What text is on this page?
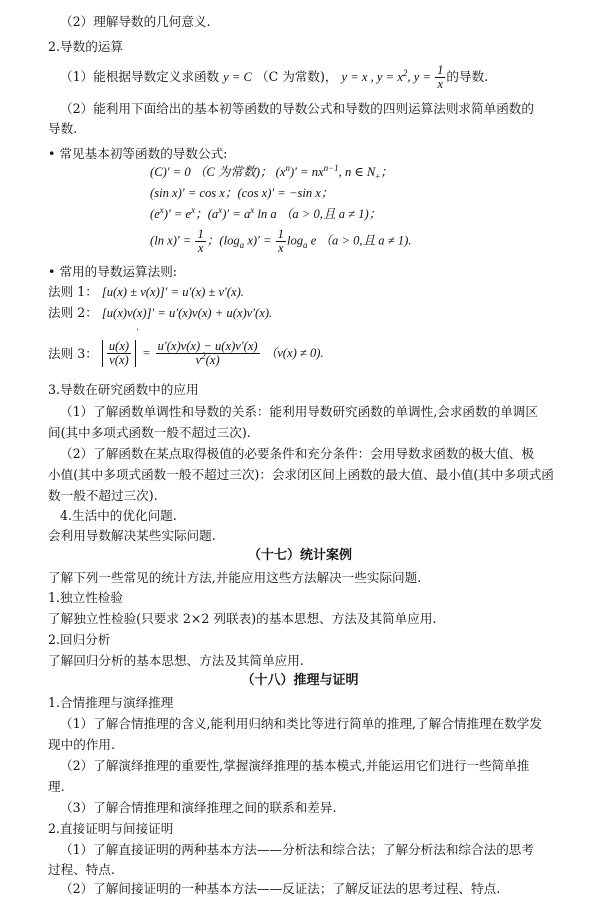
（2）理解导数的几何意义.
2.导数的运算
（1）能根据导数定义求函数 y = C （C 为常数)， y = x , $y = x^2$, $y = \frac{1}{x}$ 的导数.
（2）能利用下面给出的基本初等函数的导数公式和导数的四则运算法则求简单函数的
导数.
• 常见基本初等函数的导数公式:
(C)′ = 0 （C 为常数)； $(x^n)' = nx^{n-1}$, n ∈ $N_+$；
(sin x)′ = cos x；(cos x)′ = −sin x；
$(e^x)' = e^x$；$(a^x)' = a^x$ ln a （a > 0,且 a ≠ 1)；
(ln $x)' = \frac{1}{x}$ ；($\log_a$ $x)' = \frac{1}{x} \log_a e$ （a > 0,且 a ≠ 1).
• 常用的导数运算法则:
法则 1： [u(x) ± v(x)]′ = u′(x) ± v′(x).
法则 2： [u(x)v(x)]′ = u′(x)v(x) + u(x)v′(x).
法则 3： $\frac{u(x)}{v(x)}$
$' = \frac{u'(x)v(x) - u(x)v'(x)}{v^2(x)} (v(x) \ne 0)$.
3.导数在研究函数中的应用
（1）了解函数单调性和导数的关系：能利用导数研究函数的单调性,会求函数的单调区
间(其中多项式函数一般不超过三次).
（2）了解函数在某点取得极值的必要条件和充分条件：会用导数求函数的极大值、极
小值(其中多项式函数一般不超过三次)：会求闭区间上函数的最大值、最小值(其中多项式函
数一般不超过三次).
4.生活中的优化问题.
会利用导数解决某些实际问题.
（十七）统计案例
了解下列一些常见的统计方法,并能应用这些方法解决一些实际问题.
1.独立性检验
了解独立性检验(只要求 2×2 列联表)的基本思想、方法及其简单应用.
2.回归分析
了解回归分析的基本思想、方法及其简单应用.
（十八）推理与证明
1.合情推理与演绎推理
（1）了解合情推理的含义,能利用归纳和类比等进行简单的推理,了解合情推理在数学发
现中的作用.
（2）了解演绎推理的重要性,掌握演绎推理的基本模式,并能运用它们进行一些简单推
理.
（3）了解合情推理和演绎推理之间的联系和差异.
2.直接证明与间接证明
（1）了解直接证明的两种基本方法——分析法和综合法；了解分析法和综合法的思考
过程、特点.
（2）了解间接证明的一种基本方法——反证法；了解反证法的思考过程、特点.
